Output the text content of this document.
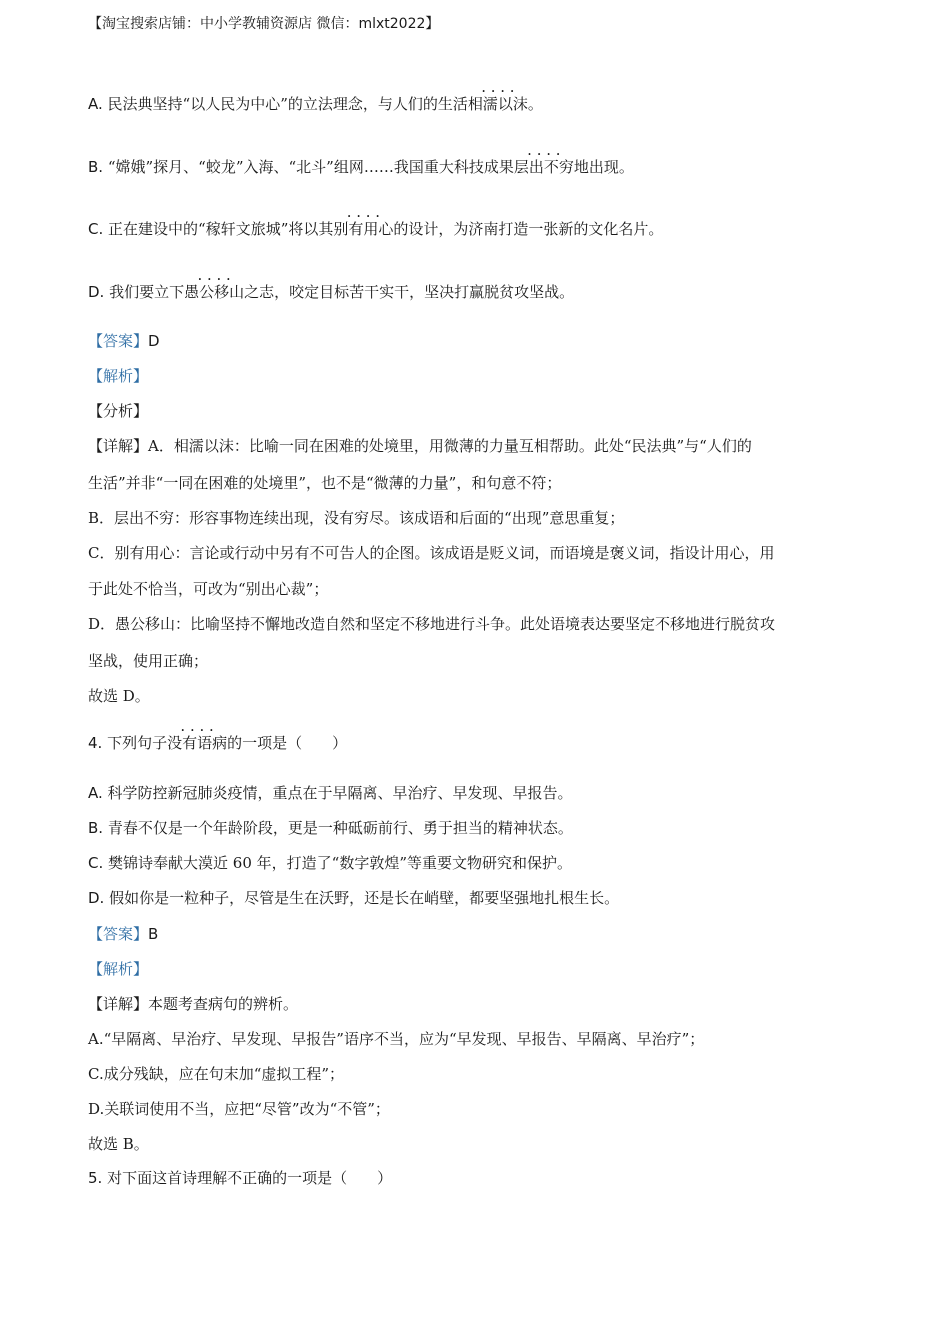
【淘宝搜索店铺：中小学教辅资源店 微信：mlxt2022】
A. 民法典坚持“以人民为中心”的立法理念，与人们的生活· · · · 相濡以沫。
B. “嫦娥”探月、“蛟龙”入海、“北斗”组网……我国重大科技成果· · · · 层出不穷地出现。
C. 正在建设中的“稼轩文旅城”将以其· · · · 别有用心的设计，为济南打造一张新的文化名片。
D. 我们要立下· · · · 愚公移山之志，咬定目标苦干实干，坚决打赢脱贫攻坚战。
【答案】D
【解析】
【分析】
【详解】A．相濡以沫：比喻一同在困难的处境里，用微薄的力量互相帮助。此处“民法典”与“人们的
生活”并非“一同在困难的处境里”，也不是“微薄的力量”，和句意不符；
B．层出不穷：形容事物连续出现，没有穷尽。该成语和后面的“出现”意思重复；
C．别有用心：言论或行动中另有不可告人的企图。该成语是贬义词，而语境是褒义词，指设计用心，用
于此处不恰当，可改为“别出心裁”；
D．愚公移山：比喻坚持不懈地改造自然和坚定不移地进行斗争。此处语境表达要坚定不移地进行脱贫攻
坚战，使用正确；
故选 D。
4. 下列句子· · · · 没有语病的一项是（　　）
A. 科学防控新冠肺炎疫情，重点在于早隔离、早治疗、早发现、早报告。
B. 青春不仅是一个年龄阶段，更是一种砥砺前行、勇于担当的精神状态。
C. 樊锦诗奉献大漠近 60 年，打造了“数字敦煌”等重要文物研究和保护。
D. 假如你是一粒种子，尽管是生在沃野，还是长在峭壁，都要坚强地扎根生长。
【答案】B
【解析】
【详解】本题考查病句的辨析。
A.“早隔离、早治疗、早发现、早报告”语序不当，应为“早发现、早报告、早隔离、早治疗”；
C.成分残缺，应在句末加“虚拟工程”；
D.关联词使用不当，应把“尽管”改为“不管”；
故选 B。
5. 对下面这首诗理解不正确的一项是（　　）
